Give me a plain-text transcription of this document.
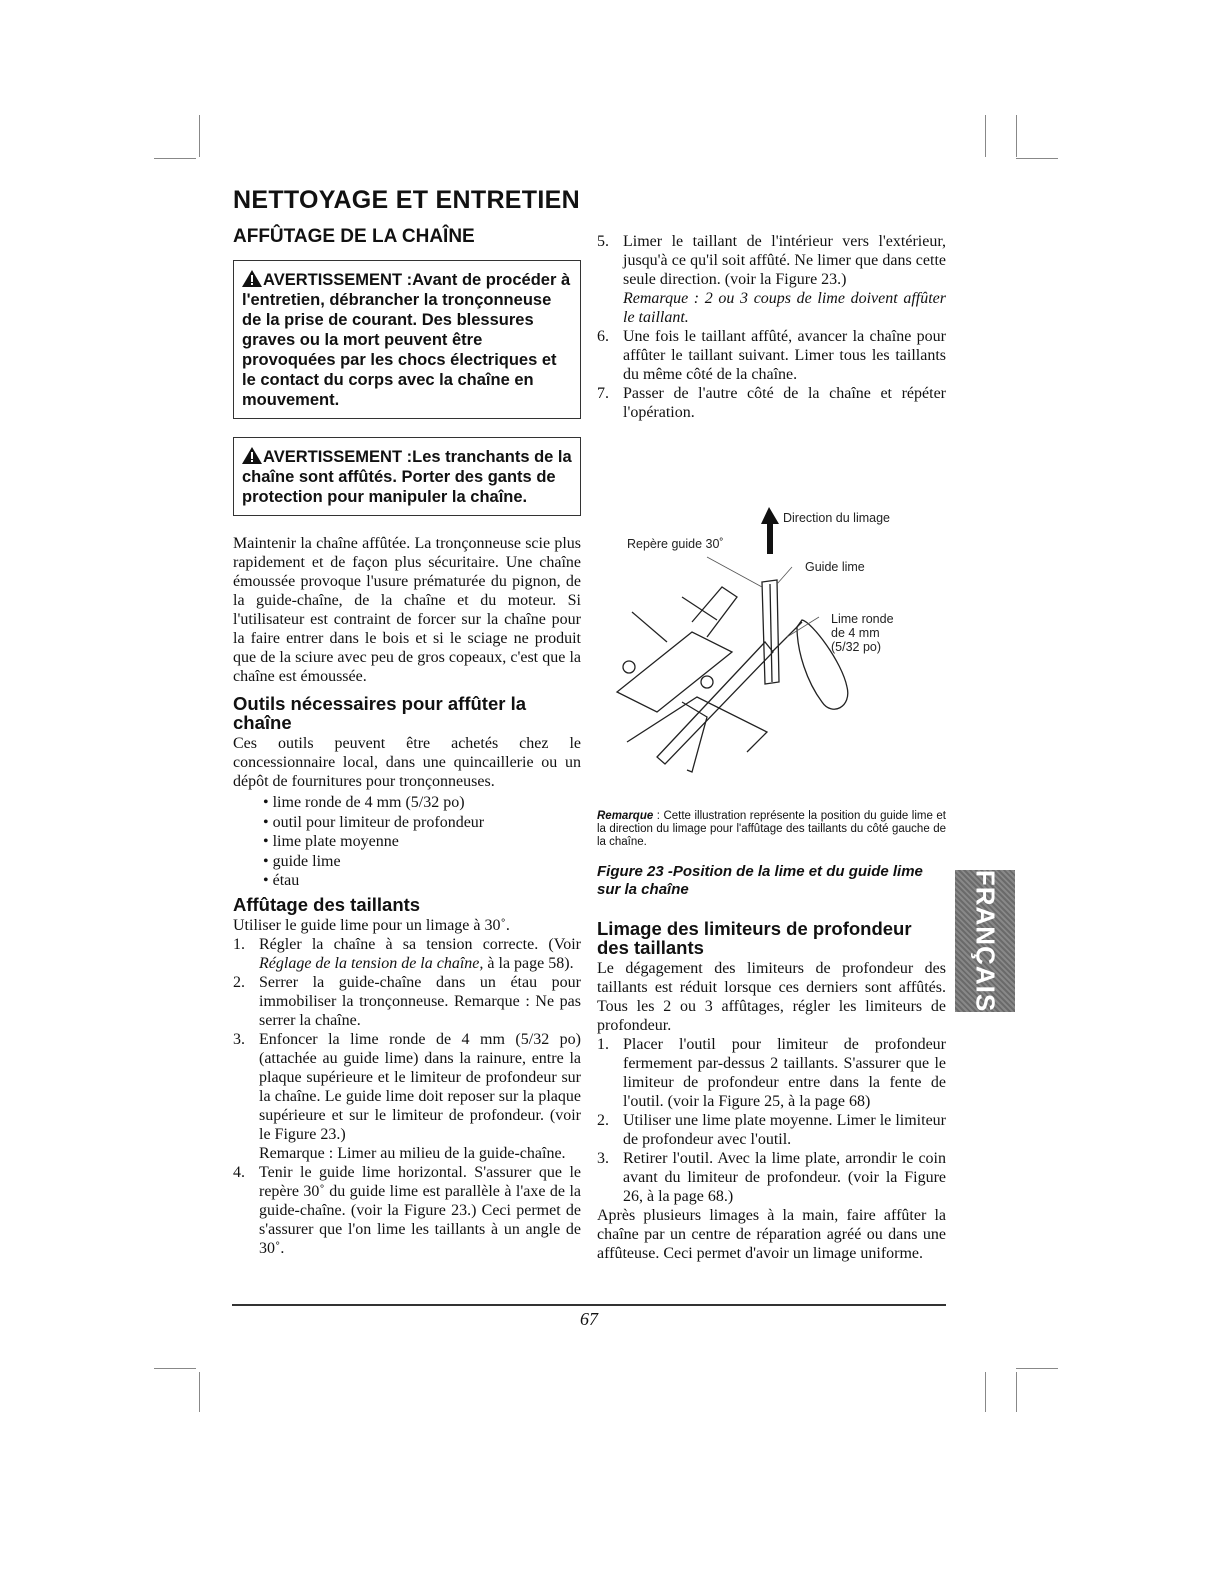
NETTOYAGE ET ENTRETIEN
AFFÛTAGE DE LA CHAÎNE
AVERTISSEMENT :Avant de procéder à l'entretien, débrancher la tronçonneuse de la prise de courant. Des blessures graves ou la mort peuvent être provoquées par les chocs électriques et le contact du corps avec la chaîne en mouvement.
AVERTISSEMENT :Les tranchants de la chaîne sont affûtés. Porter des gants de protection pour manipuler la chaîne.

Maintenir la chaîne affûtée. La tronçonneuse scie plus rapidement et de façon plus sécuritaire. Une chaîne émoussée provoque l'usure prématurée du pignon, de la guide-chaîne, de la chaîne et du moteur. Si l'utilisateur est contraint de forcer sur la chaîne pour la faire entrer dans le bois et si le sciage ne produit que de la sciure avec peu de gros copeaux, c'est que la chaîne est émoussée.

Outils nécessaires pour affûter la chaîne

Ces outils peuvent être achetés chez le concessionnaire local, dans une quincaillerie ou un dépôt de fournitures pour tronçonneuses.

• lime ronde de 4 mm (5/32 po)
• outil pour limiteur de profondeur
• lime plate moyenne
• guide lime
• étau
Affûtage des taillants

Utiliser le guide lime pour un limage à 30˚.

1. Régler la chaîne à sa tension correcte. (Voir Réglage de la tension de la chaîne, à la page 58).
2. Serrer la guide-chaîne dans un étau pour immobiliser la tronçonneuse. Remarque : Ne pas serrer la chaîne.
3. Enfoncer la lime ronde de 4 mm (5/32 po) (attachée au guide lime) dans la rainure, entre la plaque supérieure et le limiteur de profondeur sur la chaîne. Le guide lime doit reposer sur la plaque supérieure et sur le limiteur de profondeur. (voir le Figure 23.)
Remarque : Limer au milieu de la guide-chaîne.
4. Tenir le guide lime horizontal. S'assurer que le repère 30˚ du guide lime est parallèle à l'axe de la guide-chaîne. (voir la Figure 23.) Ceci permet de s'assurer que l'on lime les taillants à un angle de 30˚.
5. Limer le taillant de l'intérieur vers l'extérieur, jusqu'à ce qu'il soit affûté. Ne limer que dans cette seule direction. (voir la Figure 23.)
Remarque : 2 ou 3 coups de lime doivent affûter le taillant.
6. Une fois le taillant affûté, avancer la chaîne pour affûter le taillant suivant. Limer tous les taillants du même côté de la chaîne.
7. Passer de l'autre côté de la chaîne et répéter l'opération.
Direction du limage
Repère guide 30˚
Guide lime
Lime ronde
de 4 mm
(5/32 po)
Remarque : Cette illustration représente la position du guide lime et la direction du limage pour l'affûtage des taillants du côté gauche de la chaîne.
Figure 23 -Position de la lime et du guide lime sur la chaîne
Limage des limiteurs de profondeur des taillants

Le dégagement des limiteurs de profondeur des taillants est réduit lorsque ces derniers sont affûtés. Tous les 2 ou 3 affûtages, régler les limiteurs de profondeur.

1. Placer l'outil pour limiteur de profondeur fermement par-dessus 2 taillants. S'assurer que le limiteur de profondeur entre dans la fente de l'outil. (voir la Figure 25, à la page 68)
2. Utiliser une lime plate moyenne. Limer le limiteur de profondeur avec l'outil.
3. Retirer l'outil. Avec la lime plate, arrondir le coin avant du limiteur de profondeur. (voir la Figure 26, à la page 68.)

Après plusieurs limages à la main, faire affûter la chaîne par un centre de réparation agréé ou dans une affûteuse. Ceci permet d'avoir un limage uniforme.

FRANÇAIS
67
